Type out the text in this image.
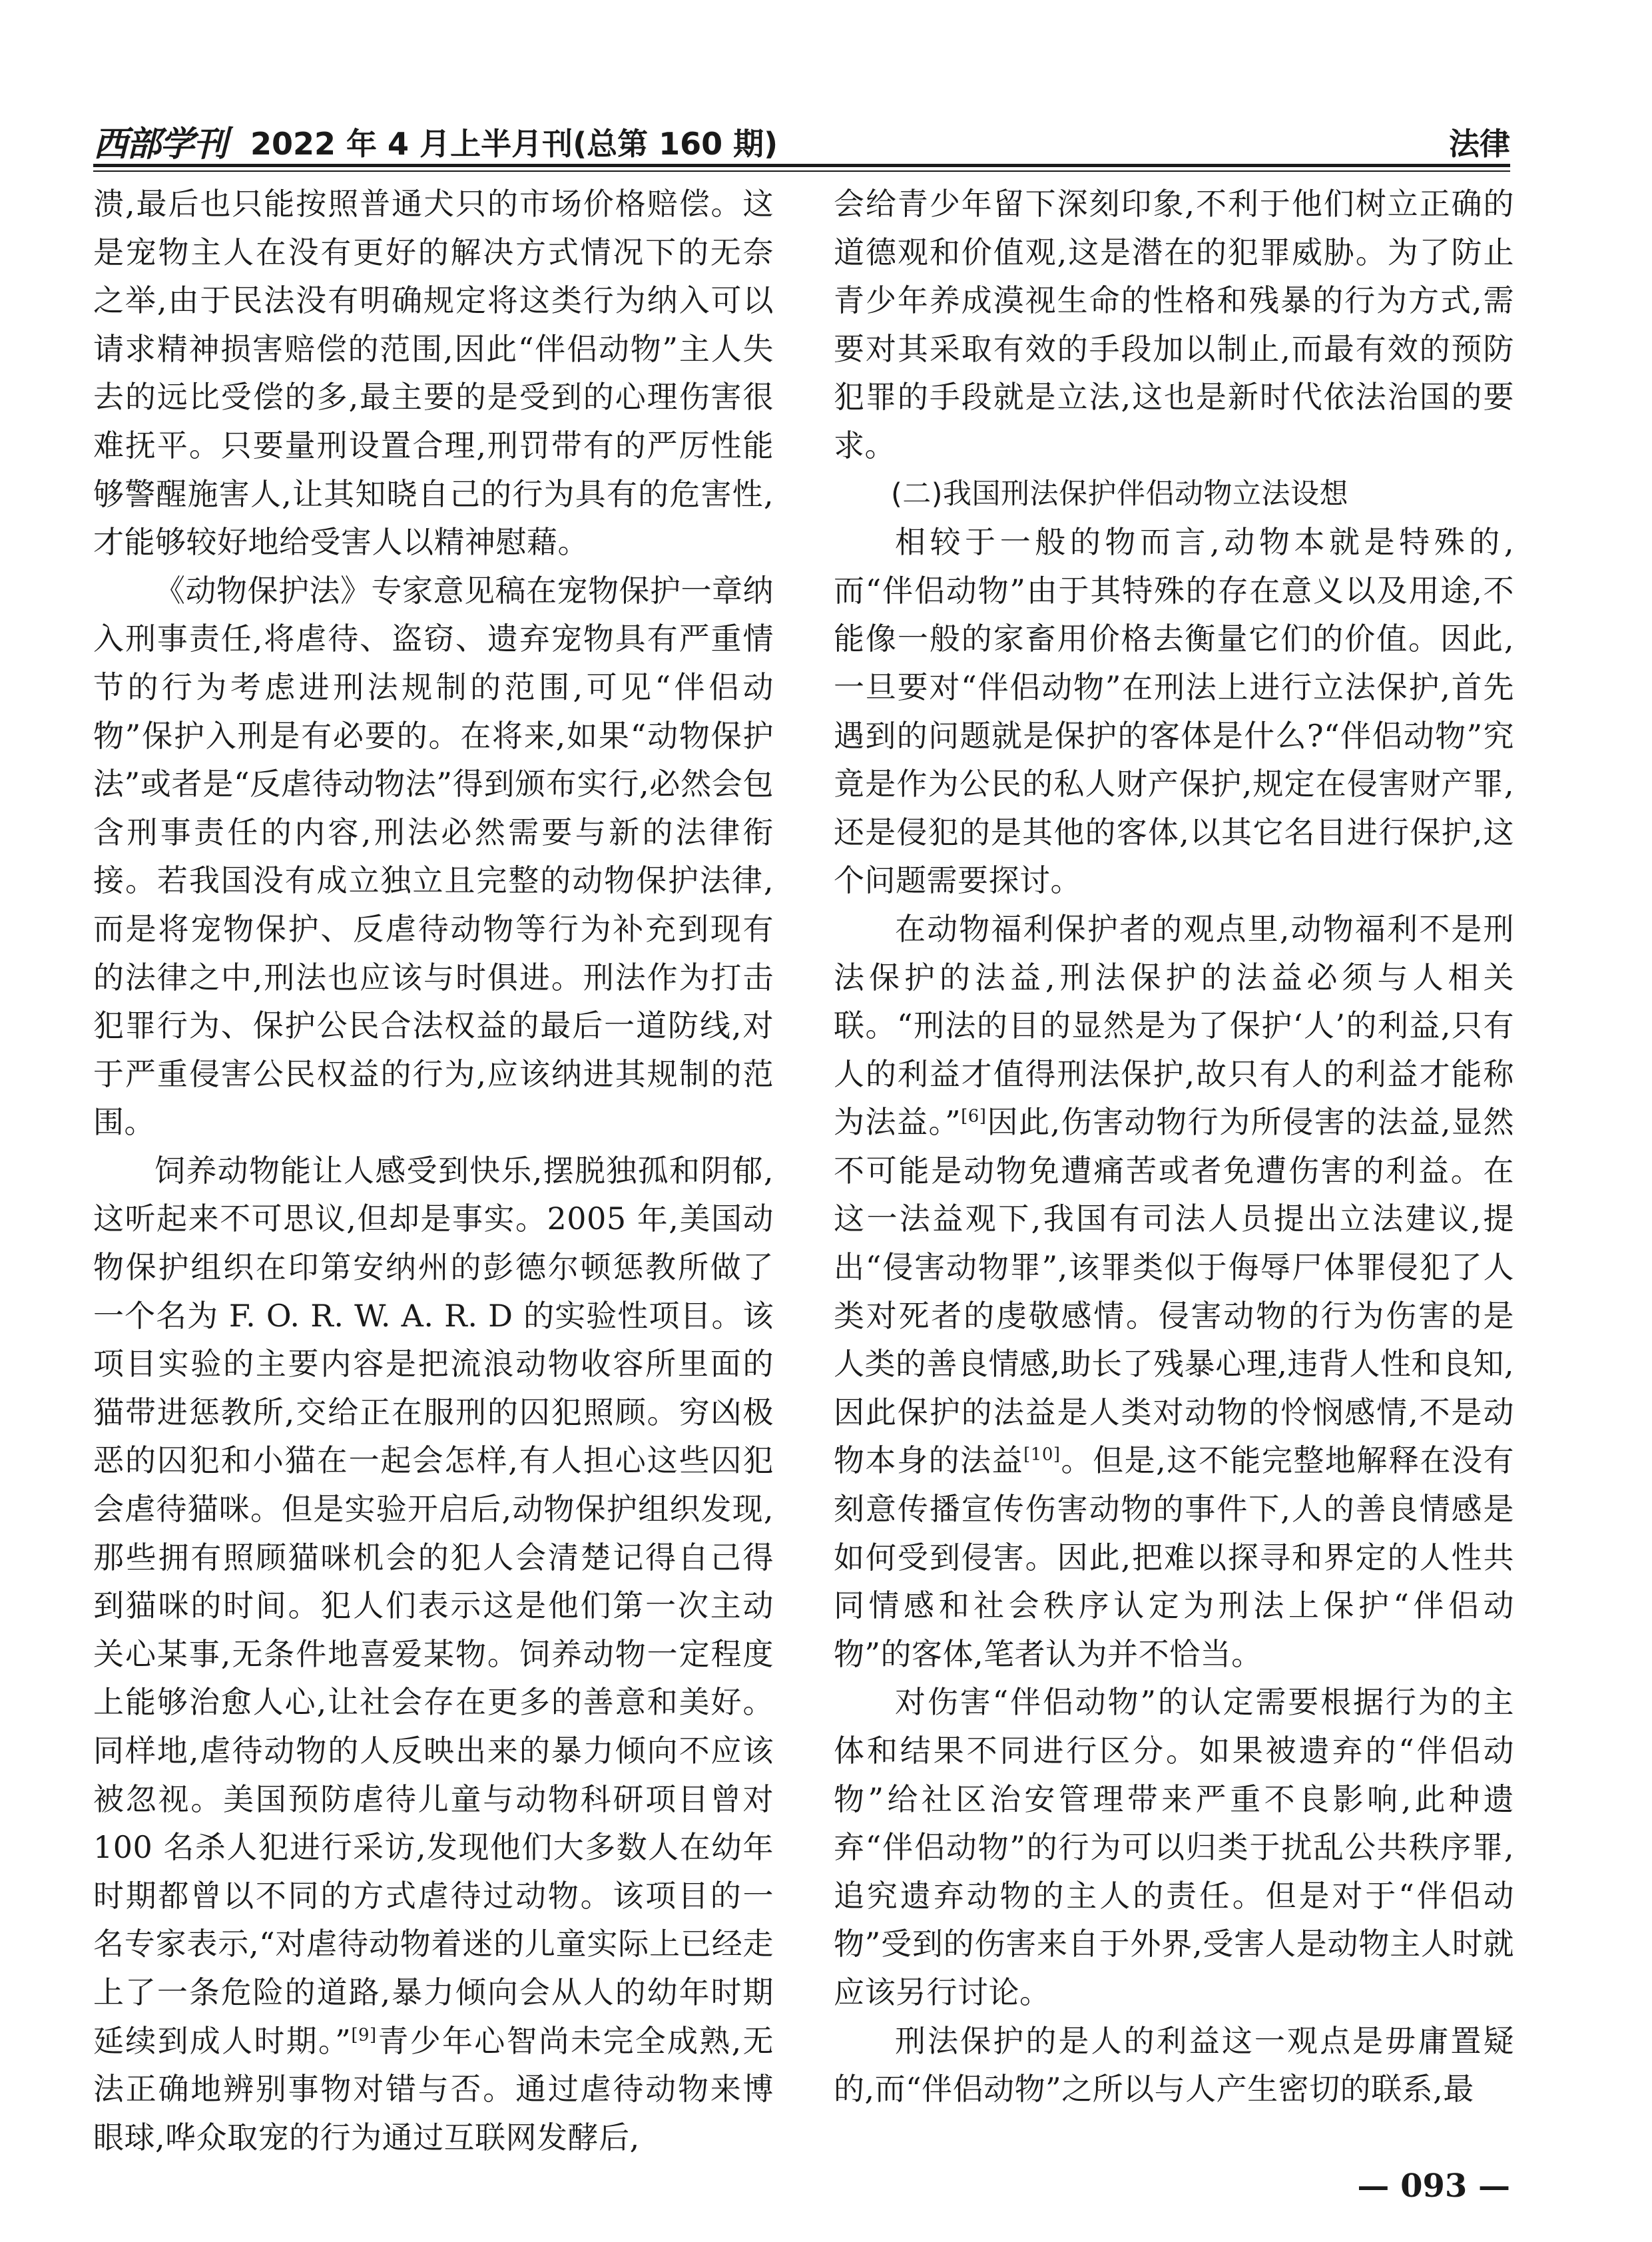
西部学刊 2022 年 4 月上半月刊(总第 160 期)	法律

溃,最后也只能按照普通犬只的市场价格赔偿。这是宠物主人在没有更好的解决方式情况下的无奈之举,由于民法没有明确规定将这类行为纳入可以请求精神损害赔偿的范围,因此“伴侣动物”主人失去的远比受偿的多,最主要的是受到的心理伤害很难抚平。只要量刑设置合理,刑罚带有的严厉性能够警醒施害人,让其知晓自己的行为具有的危害性,才能够较好地给受害人以精神慰藉。

《动物保护法》专家意见稿在宠物保护一章纳入刑事责任,将虐待、盗窃、遗弃宠物具有严重情节的行为考虑进刑法规制的范围,可见“伴侣动物”保护入刑是有必要的。在将来,如果“动物保护法”或者是“反虐待动物法”得到颁布实行,必然会包含刑事责任的内容,刑法必然需要与新的法律衔接。若我国没有成立独立且完整的动物保护法律,而是将宠物保护、反虐待动物等行为补充到现有的法律之中,刑法也应该与时俱进。刑法作为打击犯罪行为、保护公民合法权益的最后一道防线,对于严重侵害公民权益的行为,应该纳进其规制的范围。

饲养动物能让人感受到快乐,摆脱独孤和阴郁,这听起来不可思议,但却是事实。2005 年,美国动物保护组织在印第安纳州的彭德尔顿惩教所做了一个名为 F. O. R. W. A. R. D 的实验性项目。该项目实验的主要内容是把流浪动物收容所里面的猫带进惩教所,交给正在服刑的囚犯照顾。穷凶极恶的囚犯和小猫在一起会怎样,有人担心这些囚犯会虐待猫咪。但是实验开启后,动物保护组织发现,那些拥有照顾猫咪机会的犯人会清楚记得自己得到猫咪的时间。犯人们表示这是他们第一次主动关心某事,无条件地喜爱某物。饲养动物一定程度上能够治愈人心,让社会存在更多的善意和美好。同样地,虐待动物的人反映出来的暴力倾向不应该被忽视。美国预防虐待儿童与动物科研项目曾对 100 名杀人犯进行采访,发现他们大多数人在幼年时期都曾以不同的方式虐待过动物。该项目的一名专家表示,“对虐待动物着迷的儿童实际上已经走上了一条危险的道路,暴力倾向会从人的幼年时期延续到成人时期。”[9]青少年心智尚未完全成熟,无法正确地辨别事物对错与否。通过虐待动物来博眼球,哗众取宠的行为通过互联网发酵后,

会给青少年留下深刻印象,不利于他们树立正确的道德观和价值观,这是潜在的犯罪威胁。为了防止青少年养成漠视生命的性格和残暴的行为方式,需要对其采取有效的手段加以制止,而最有效的预防犯罪的手段就是立法,这也是新时代依法治国的要求。

(二)我国刑法保护伴侣动物立法设想

相较于一般的物而言,动物本就是特殊的,而“伴侣动物”由于其特殊的存在意义以及用途,不能像一般的家畜用价格去衡量它们的价值。因此,一旦要对“伴侣动物”在刑法上进行立法保护,首先遇到的问题就是保护的客体是什么?“伴侣动物”究竟是作为公民的私人财产保护,规定在侵害财产罪,还是侵犯的是其他的客体,以其它名目进行保护,这个问题需要探讨。

在动物福利保护者的观点里,动物福利不是刑法保护的法益,刑法保护的法益必须与人相关联。“刑法的目的显然是为了保护‘人’的利益,只有人的利益才值得刑法保护,故只有人的利益才能称为法益。”[6]因此,伤害动物行为所侵害的法益,显然不可能是动物免遭痛苦或者免遭伤害的利益。在这一法益观下,我国有司法人员提出立法建议,提出“侵害动物罪”,该罪类似于侮辱尸体罪侵犯了人类对死者的虔敬感情。侵害动物的行为伤害的是人类的善良情感,助长了残暴心理,违背人性和良知,因此保护的法益是人类对动物的怜悯感情,不是动物本身的法益[10]。但是,这不能完整地解释在没有刻意传播宣传伤害动物的事件下,人的善良情感是如何受到侵害。因此,把难以探寻和界定的人性共同情感和社会秩序认定为刑法上保护“伴侣动物”的客体,笔者认为并不恰当。

对伤害“伴侣动物”的认定需要根据行为的主体和结果不同进行区分。如果被遗弃的“伴侣动物”给社区治安管理带来严重不良影响,此种遗弃“伴侣动物”的行为可以归类于扰乱公共秩序罪,追究遗弃动物的主人的责任。但是对于“伴侣动物”受到的伤害来自于外界,受害人是动物主人时就应该另行讨论。

刑法保护的是人的利益这一观点是毋庸置疑的,而“伴侣动物”之所以与人产生密切的联系,最

— 093 —
